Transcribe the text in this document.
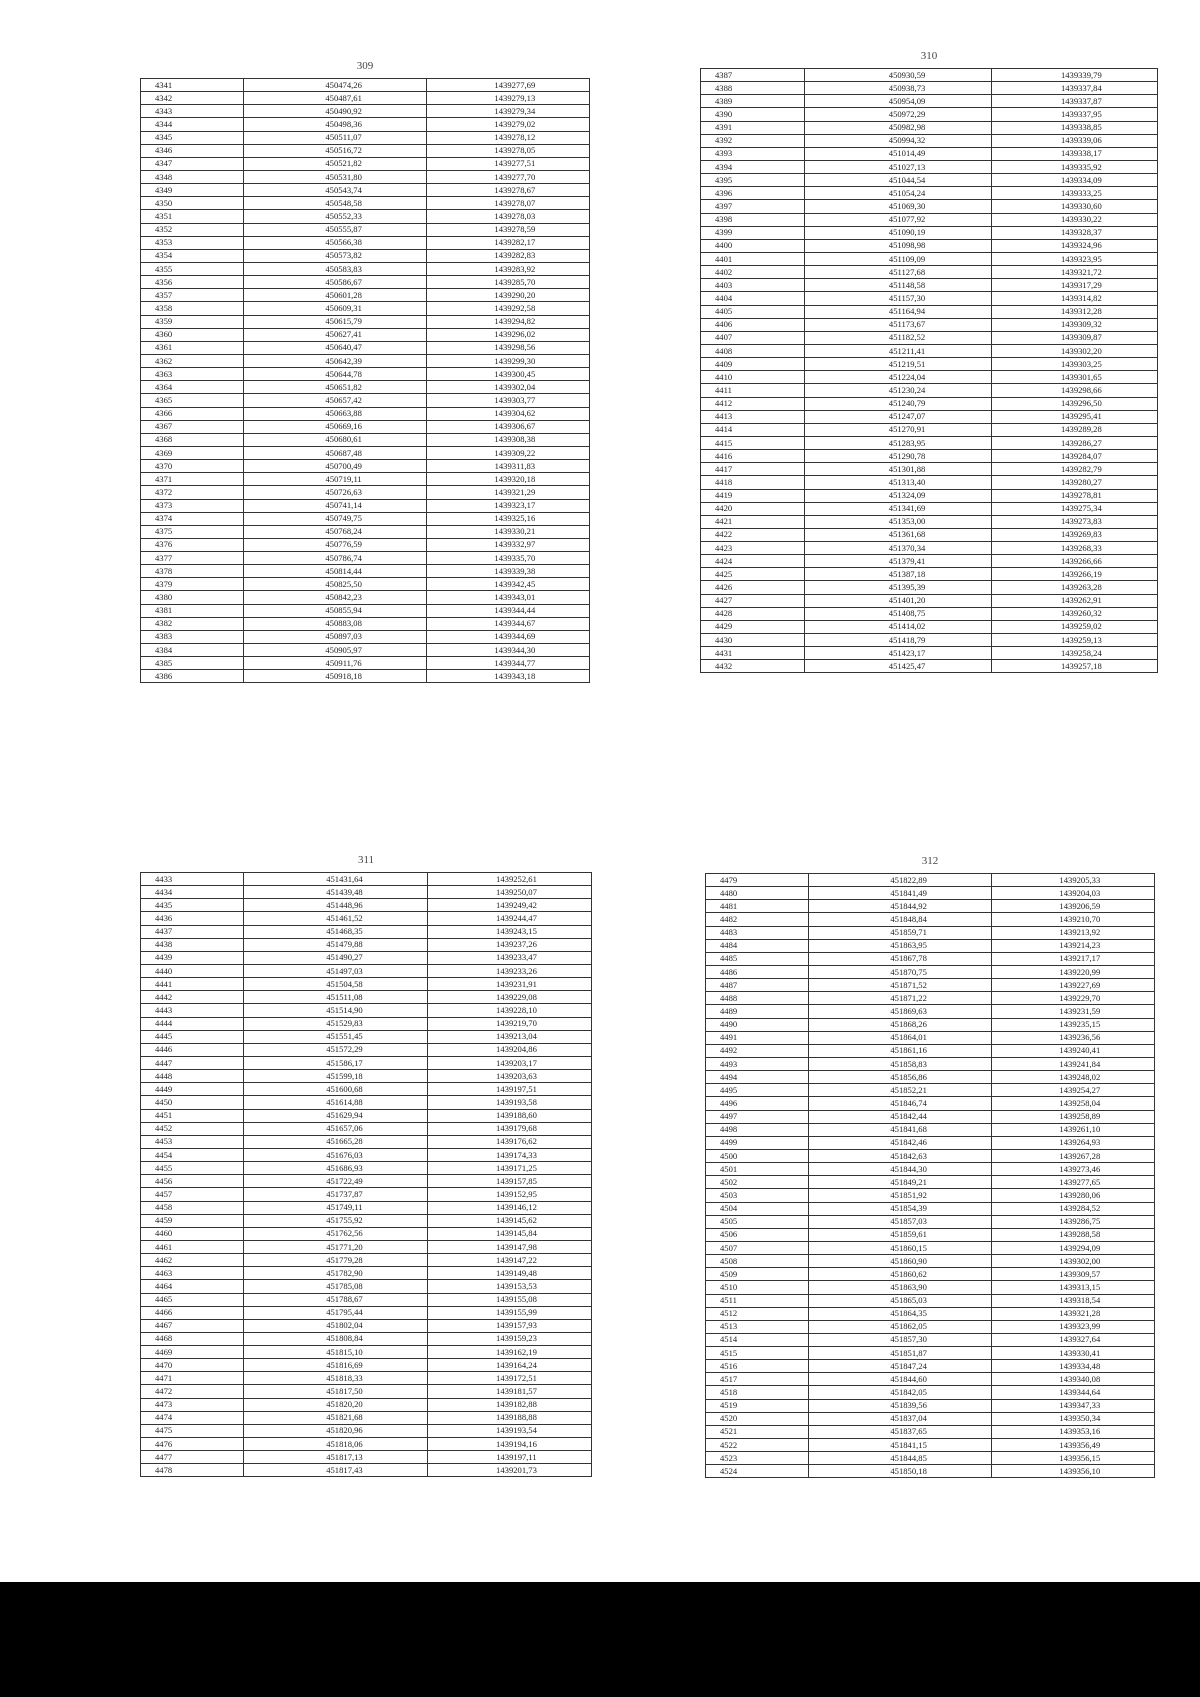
309
4341	450474,26	1439277,69
4342	450487,61	1439279,13
4343	450490,92	1439279,34
4344	450498,36	1439279,02
4345	450511,07	1439278,12
4346	450516,72	1439278,05
4347	450521,82	1439277,51
4348	450531,80	1439277,70
4349	450543,74	1439278,67
4350	450548,58	1439278,07
4351	450552,33	1439278,03
4352	450555,87	1439278,59
4353	450566,38	1439282,17
4354	450573,82	1439282,83
4355	450583,83	1439283,92
4356	450586,67	1439285,70
4357	450601,28	1439290,20
4358	450609,31	1439292,58
4359	450615,79	1439294,82
4360	450627,41	1439296,02
4361	450640,47	1439298,56
4362	450642,39	1439299,30
4363	450644,78	1439300,45
4364	450651,82	1439302,04
4365	450657,42	1439303,77
4366	450663,88	1439304,62
4367	450669,16	1439306,67
4368	450680,61	1439308,38
4369	450687,48	1439309,22
4370	450700,49	1439311,83
4371	450719,11	1439320,18
4372	450726,63	1439321,29
4373	450741,14	1439323,17
4374	450749,75	1439325,16
4375	450768,24	1439330,21
4376	450776,59	1439332,97
4377	450786,74	1439335,70
4378	450814,44	1439339,38
4379	450825,50	1439342,45
4380	450842,23	1439343,01
4381	450855,94	1439344,44
4382	450883,08	1439344,67
4383	450897,03	1439344,69
4384	450905,97	1439344,30
4385	450911,76	1439344,77
4386	450918,18	1439343,18
310
4387	450930,59	1439339,79
4388	450938,73	1439337,84
4389	450954,09	1439337,87
4390	450972,29	1439337,95
4391	450982,98	1439338,85
4392	450994,32	1439339,06
4393	451014,49	1439338,17
4394	451027,13	1439335,92
4395	451044,54	1439334,09
4396	451054,24	1439333,25
4397	451069,30	1439330,60
4398	451077,92	1439330,22
4399	451090,19	1439328,37
4400	451098,98	1439324,96
4401	451109,09	1439323,95
4402	451127,68	1439321,72
4403	451148,58	1439317,29
4404	451157,30	1439314,82
4405	451164,94	1439312,28
4406	451173,67	1439309,32
4407	451182,52	1439309,87
4408	451211,41	1439302,20
4409	451219,51	1439303,25
4410	451224,04	1439301,65
4411	451230,24	1439298,66
4412	451240,79	1439296,50
4413	451247,07	1439295,41
4414	451270,91	1439289,28
4415	451283,95	1439286,27
4416	451290,78	1439284,07
4417	451301,88	1439282,79
4418	451313,40	1439280,27
4419	451324,09	1439278,81
4420	451341,69	1439275,34
4421	451353,00	1439273,83
4422	451361,68	1439269,83
4423	451370,34	1439268,33
4424	451379,41	1439266,66
4425	451387,18	1439266,19
4426	451395,39	1439263,28
4427	451401,20	1439262,91
4428	451408,75	1439260,32
4429	451414,02	1439259,02
4430	451418,79	1439259,13
4431	451423,17	1439258,24
4432	451425,47	1439257,18
311
4433	451431,64	1439252,61
4434	451439,48	1439250,07
4435	451448,96	1439249,42
4436	451461,52	1439244,47
4437	451468,35	1439243,15
4438	451479,88	1439237,26
4439	451490,27	1439233,47
4440	451497,03	1439233,26
4441	451504,58	1439231,91
4442	451511,08	1439229,08
4443	451514,90	1439228,10
4444	451529,83	1439219,70
4445	451551,45	1439213,04
4446	451572,29	1439204,86
4447	451586,17	1439203,17
4448	451599,18	1439203,63
4449	451600,68	1439197,51
4450	451614,88	1439193,58
4451	451629,94	1439188,60
4452	451657,06	1439179,68
4453	451665,28	1439176,62
4454	451676,03	1439174,33
4455	451686,93	1439171,25
4456	451722,49	1439157,85
4457	451737,87	1439152,95
4458	451749,11	1439146,12
4459	451755,92	1439145,62
4460	451762,56	1439145,84
4461	451771,20	1439147,98
4462	451779,28	1439147,22
4463	451782,90	1439149,48
4464	451785,08	1439153,53
4465	451788,67	1439155,08
4466	451795,44	1439155,99
4467	451802,04	1439157,93
4468	451808,84	1439159,23
4469	451815,10	1439162,19
4470	451816,69	1439164,24
4471	451818,33	1439172,51
4472	451817,50	1439181,57
4473	451820,20	1439182,88
4474	451821,68	1439188,88
4475	451820,96	1439193,54
4476	451818,06	1439194,16
4477	451817,13	1439197,11
4478	451817,43	1439201,73
312
4479	451822,89	1439205,33
4480	451841,49	1439204,03
4481	451844,92	1439206,59
4482	451848,84	1439210,70
4483	451859,71	1439213,92
4484	451863,95	1439214,23
4485	451867,78	1439217,17
4486	451870,75	1439220,99
4487	451871,52	1439227,69
4488	451871,22	1439229,70
4489	451869,63	1439231,59
4490	451868,26	1439235,15
4491	451864,01	1439236,56
4492	451861,16	1439240,41
4493	451858,83	1439241,84
4494	451856,86	1439248,02
4495	451852,21	1439254,27
4496	451846,74	1439258,04
4497	451842,44	1439258,89
4498	451841,68	1439261,10
4499	451842,46	1439264,93
4500	451842,63	1439267,28
4501	451844,30	1439273,46
4502	451849,21	1439277,65
4503	451851,92	1439280,06
4504	451854,39	1439284,52
4505	451857,03	1439286,75
4506	451859,61	1439288,58
4507	451860,15	1439294,09
4508	451860,90	1439302,00
4509	451860,62	1439309,57
4510	451863,90	1439313,15
4511	451865,03	1439318,54
4512	451864,35	1439321,28
4513	451862,05	1439323,99
4514	451857,30	1439327,64
4515	451851,87	1439330,41
4516	451847,24	1439334,48
4517	451844,60	1439340,08
4518	451842,05	1439344,64
4519	451839,56	1439347,33
4520	451837,04	1439350,34
4521	451837,65	1439353,16
4522	451841,15	1439356,49
4523	451844,85	1439356,15
4524	451850,18	1439356,10
